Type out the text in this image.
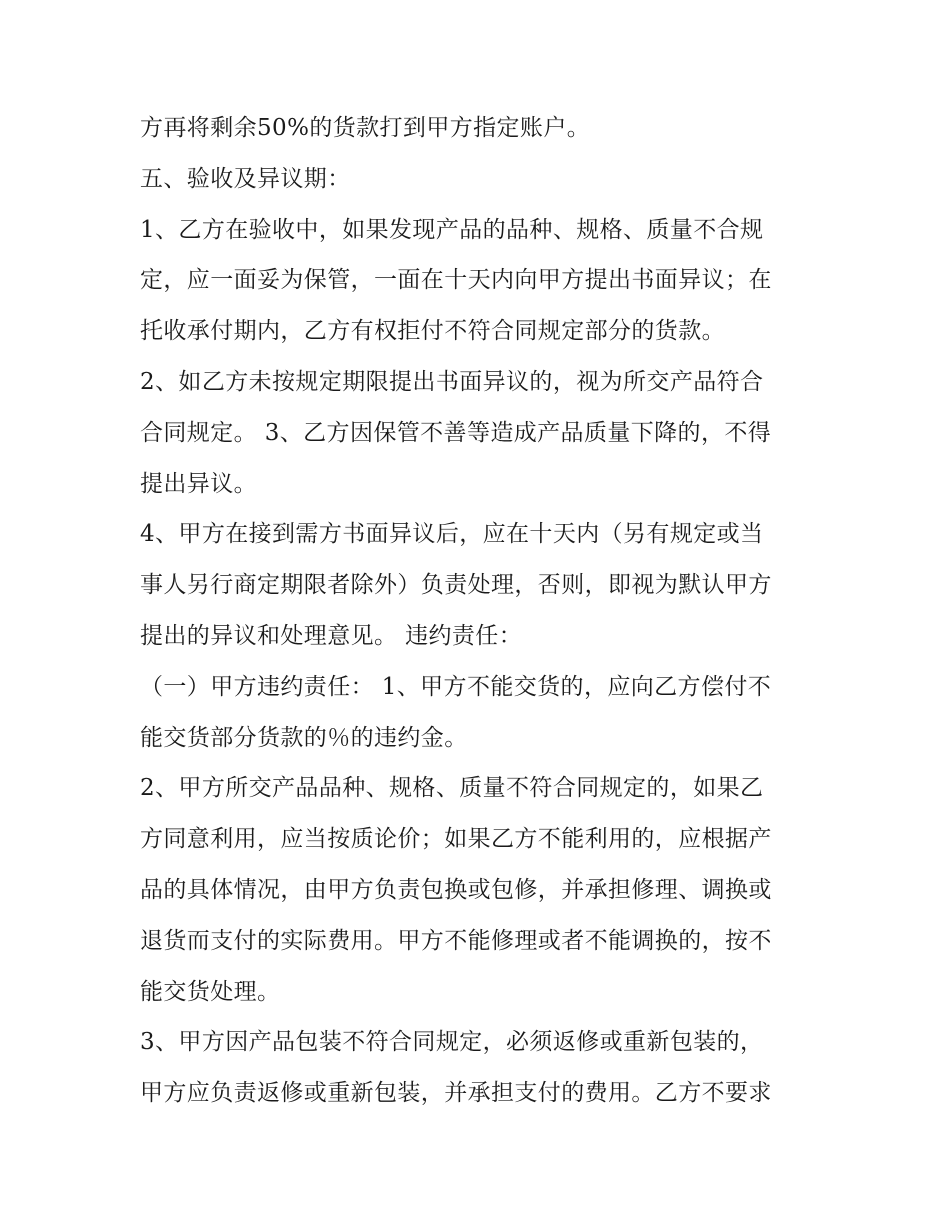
方再将剩余50%的货款打到甲方指定账户。
五、验收及异议期：
1、乙方在验收中，如果发现产品的品种、规格、质量不合规
定，应一面妥为保管，一面在十天内向甲方提出书面异议；在
托收承付期内，乙方有权拒付不符合同规定部分的货款。
2、如乙方未按规定期限提出书面异议的，视为所交产品符合
合同规定。 3、乙方因保管不善等造成产品质量下降的，不得
提出异议。
4、甲方在接到需方书面异议后，应在十天内（另有规定或当
事人另行商定期限者除外）负责处理，否则，即视为默认甲方
提出的异议和处理意见。 违约责任：
（一）甲方违约责任： 1、甲方不能交货的，应向乙方偿付不
能交货部分货款的％的违约金。
2、甲方所交产品品种、规格、质量不符合同规定的，如果乙
方同意利用，应当按质论价；如果乙方不能利用的，应根据产
品的具体情况，由甲方负责包换或包修，并承担修理、调换或
退货而支付的实际费用。甲方不能修理或者不能调换的，按不
能交货处理。
3、甲方因产品包装不符合同规定，必须返修或重新包装的，
甲方应负责返修或重新包装，并承担支付的费用。乙方不要求
